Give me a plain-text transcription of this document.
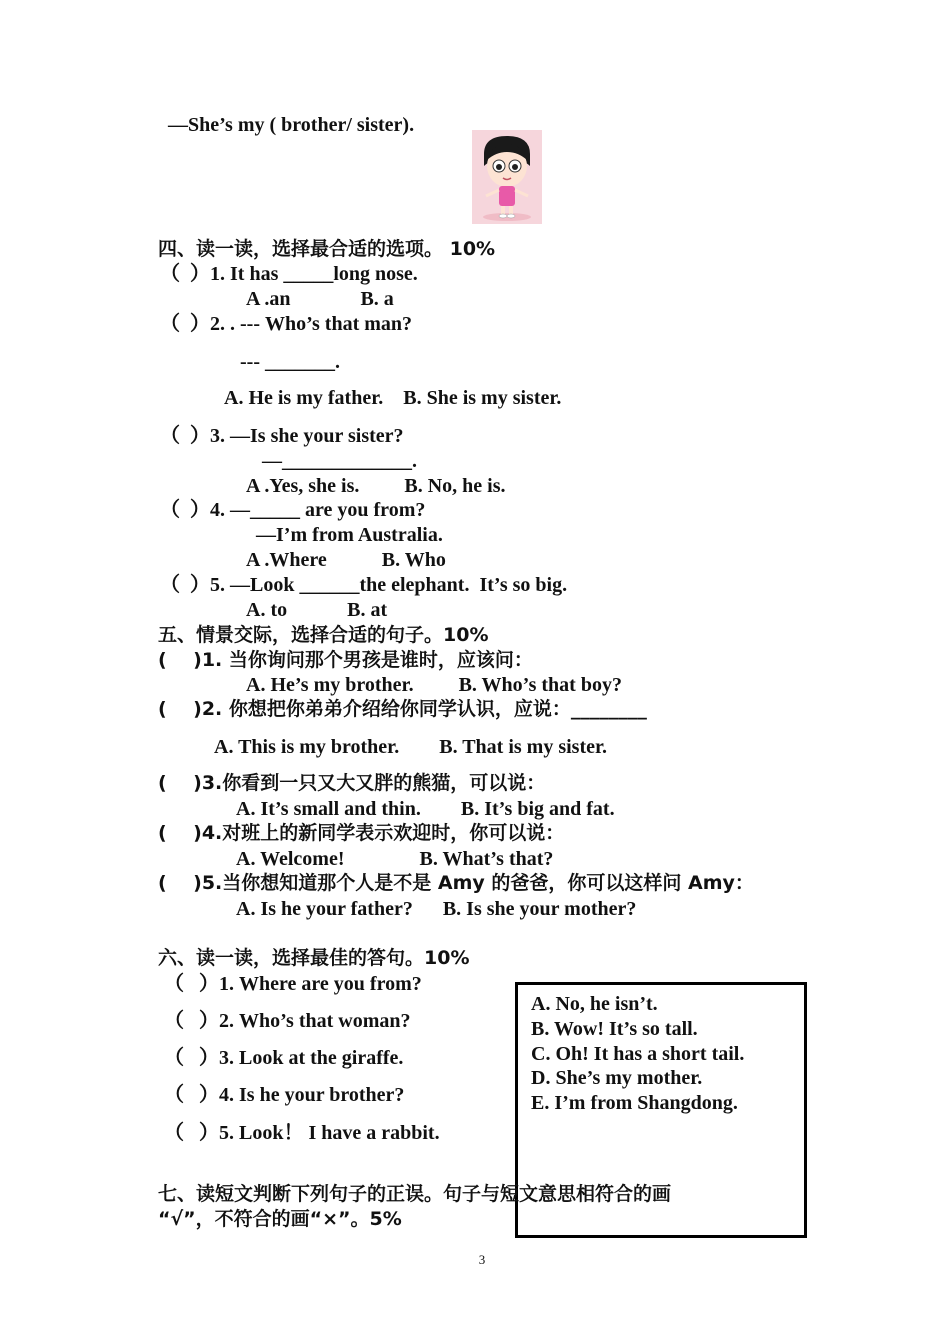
—She’s my ( brother/ sister).
四、读一读，选择最合适的选项。 10%
（  ）1. It has _____long nose.
A .an              B. a
（  ）2. . --- Who’s that man?
--- _______.
A. He is my father.    B. She is my sister.
（  ）3. —Is she your sister?
—_____________.
A .Yes, she is.         B. No, he is.
（  ）4. —_____ are you from?
—I’m from Australia.
A .Where           B. Who
（  ）5. —Look ______the elephant.  It’s so big.
A. to            B. at
五、情景交际，选择合适的句子。10%
(    )1. 当你询问那个男孩是谁时，应该问：
A. He’s my brother.         B. Who’s that boy?
(    )2. 你想把你弟弟介绍给你同学认识，应说：________
A. This is my brother.        B. That is my sister.
(    )3.你看到一只又大又胖的熊猫，可以说：
A. It’s small and thin.        B. It’s big and fat.
(    )4.对班上的新同学表示欢迎时，你可以说：
A. Welcome!               B. What’s that?
(    )5.当你想知道那个人是不是 Amy 的爸爸，你可以这样问 Amy：
A. Is he your father?      B. Is she your mother?
六、读一读，选择最佳的答句。10%
（   ）1. Where are you from?
（   ）2. Who’s that woman?
（   ）3. Look at the giraffe.
（   ）4. Is he your brother?
（   ）5. Look！ I have a rabbit.
A. No, he isn’t.
B. Wow! It’s so tall.
C. Oh! It has a short tail.
D. She’s my mother.
E. I’m from Shangdong.
七、读短文判断下列句子的正误。句子与短文意思相符合的画
“√”，不符合的画“×”。5%
3
